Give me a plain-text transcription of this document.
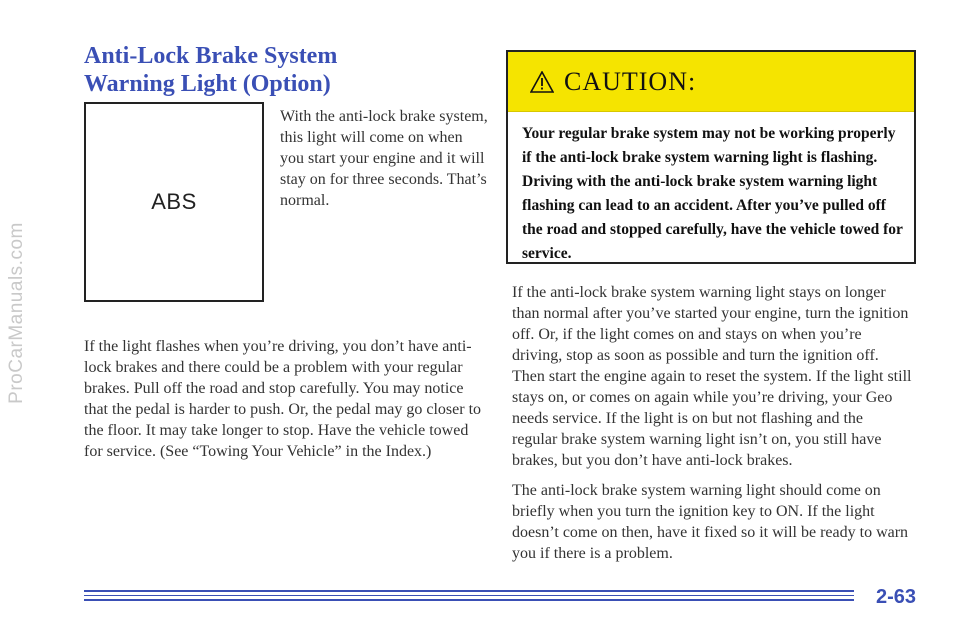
ProCarManuals.com
Anti-Lock Brake System Warning Light (Option)
ABS
With the anti-lock brake system, this light will come on when you start your engine and it will stay on for three seconds. That’s normal.
If the light flashes when you’re driving, you don’t have anti-lock brakes and there could be a problem with your regular brakes. Pull off the road and stop carefully. You may notice that the pedal is harder to push. Or, the pedal may go closer to the floor. It may take longer to stop. Have the vehicle towed for service. (See “Towing Your Vehicle” in the Index.)
CAUTION:
Your regular brake system may not be working properly if the anti-lock brake system warning light is flashing. Driving with the anti-lock brake system warning light flashing can lead to an accident. After you’ve pulled off the road and stopped carefully, have the vehicle towed for service.
If the anti-lock brake system warning light stays on longer than normal after you’ve started your engine, turn the ignition off. Or, if the light comes on and stays on when you’re driving, stop as soon as possible and turn the ignition off. Then start the engine again to reset the system. If the light still stays on, or comes on again while you’re driving, your Geo needs service. If the light is on but not flashing and the regular brake system warning light isn’t on, you still have brakes, but you don’t have anti-lock brakes.
The anti-lock brake system warning light should come on briefly when you turn the ignition key to ON. If the light doesn’t come on then, have it fixed so it will be ready to warn you if there is a problem.
2-63
